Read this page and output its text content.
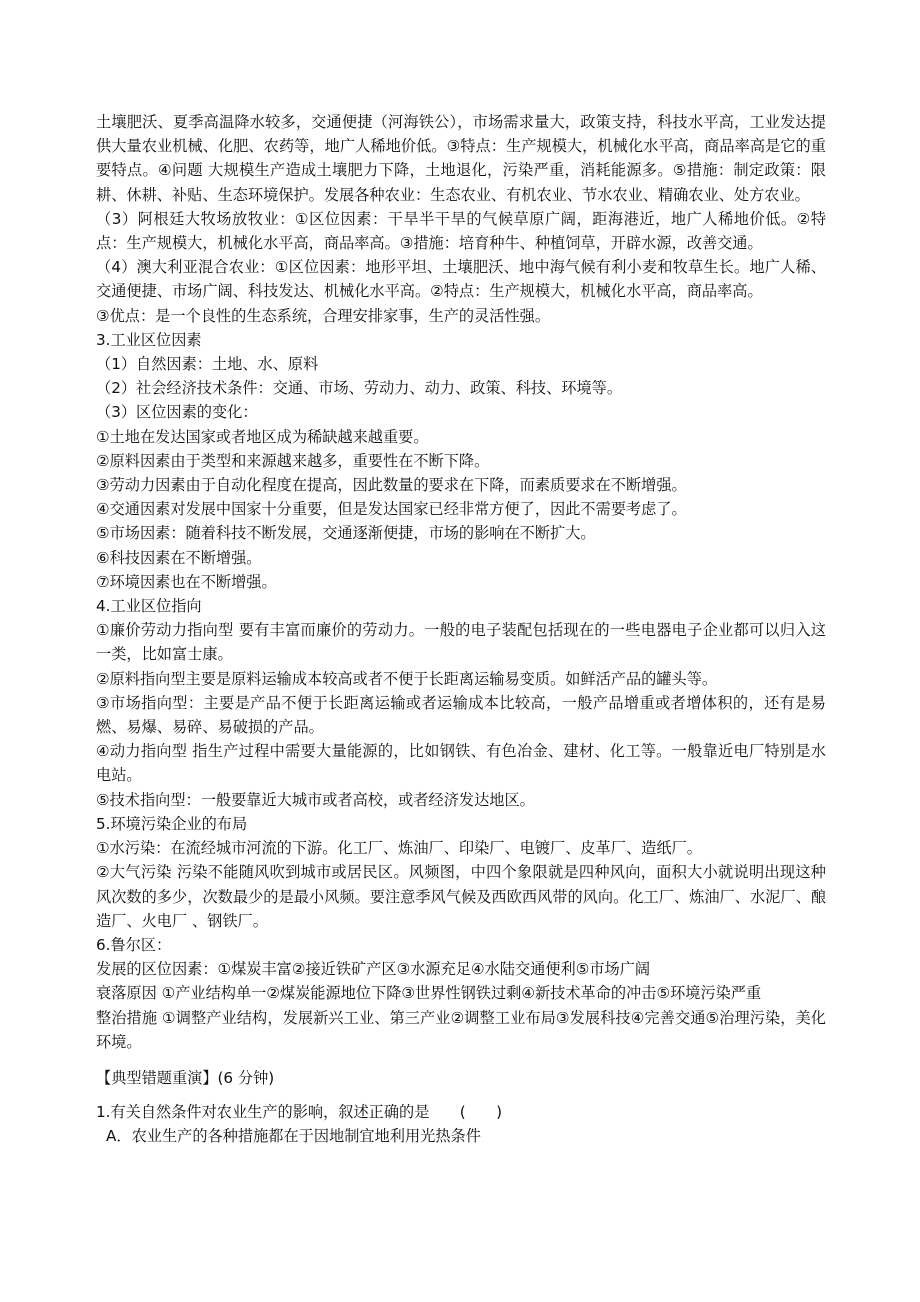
土壤肥沃、夏季高温降水较多，交通便捷（河海铁公），市场需求量大，政策支持，科技水平高，工业发达提供大量农业机械、化肥、农药等，地广人稀地价低。③特点：生产规模大，机械化水平高，商品率高是它的重要特点。④问题 大规模生产造成土壤肥力下降，土地退化，污染严重，消耗能源多。⑤措施：制定政策：限耕、休耕、补贴、生态环境保护。发展各种农业：生态农业、有机农业、节水农业、精确农业、处方农业。

（3）阿根廷大牧场放牧业：①区位因素：干旱半干旱的气候草原广阔，距海港近，地广人稀地价低。②特点：生产规模大，机械化水平高，商品率高。③措施：培育种牛、种植饲草，开辟水源，改善交通。

（4）澳大利亚混合农业：①区位因素：地形平坦、土壤肥沃、地中海气候有利小麦和牧草生长。地广人稀、交通便捷、市场广阔、科技发达、机械化水平高。②特点：生产规模大，机械化水平高，商品率高。

③优点：是一个良性的生态系统，合理安排家事，生产的灵活性强。

3.工业区位因素

（1）自然因素：土地、水、原料

（2）社会经济技术条件：交通、市场、劳动力、动力、政策、科技、环境等。

（3）区位因素的变化：

①土地在发达国家或者地区成为稀缺越来越重要。

②原料因素由于类型和来源越来越多，重要性在不断下降。

③劳动力因素由于自动化程度在提高，因此数量的要求在下降，而素质要求在不断增强。

④交通因素对发展中国家十分重要，但是发达国家已经非常方便了，因此不需要考虑了。

⑤市场因素：随着科技不断发展，交通逐渐便捷，市场的影响在不断扩大。

⑥科技因素在不断增强。

⑦环境因素也在不断增强。

4.工业区位指向

①廉价劳动力指向型 要有丰富而廉价的劳动力。一般的电子装配包括现在的一些电器电子企业都可以归入这一类，比如富士康。

②原料指向型主要是原料运输成本较高或者不便于长距离运输易变质。如鲜活产品的罐头等。

③市场指向型：主要是产品不便于长距离运输或者运输成本比较高，一般产品增重或者增体积的，还有是易燃、易爆、易碎、易破损的产品。

④动力指向型 指生产过程中需要大量能源的，比如钢铁、有色冶金、建材、化工等。一般靠近电厂特别是水电站。

⑤技术指向型：一般要靠近大城市或者高校，或者经济发达地区。

5.环境污染企业的布局

①水污染：在流经城市河流的下游。化工厂、炼油厂、印染厂、电镀厂、皮革厂、造纸厂。

②大气污染 污染不能随风吹到城市或居民区。风频图，中四个象限就是四种风向，面积大小就说明出现这种风次数的多少，次数最少的是最小风频。要注意季风气候及西欧西风带的风向。化工厂、炼油厂、水泥厂、酿造厂、火电厂 、钢铁厂。

6.鲁尔区：

发展的区位因素：①煤炭丰富②接近铁矿产区③水源充足④水陆交通便利⑤市场广阔

衰落原因 ①产业结构单一②煤炭能源地位下降③世界性钢铁过剩④新技术革命的冲击⑤环境污染严重

整治措施 ①调整产业结构，发展新兴工业、第三产业②调整工业布局③发展科技④完善交通⑤治理污染，美化环境。

【典型错题重演】(6 分钟)

1.有关自然条件对农业生产的影响，叙述正确的是　　(　　)

A．农业生产的各种措施都在于因地制宜地利用光热条件
